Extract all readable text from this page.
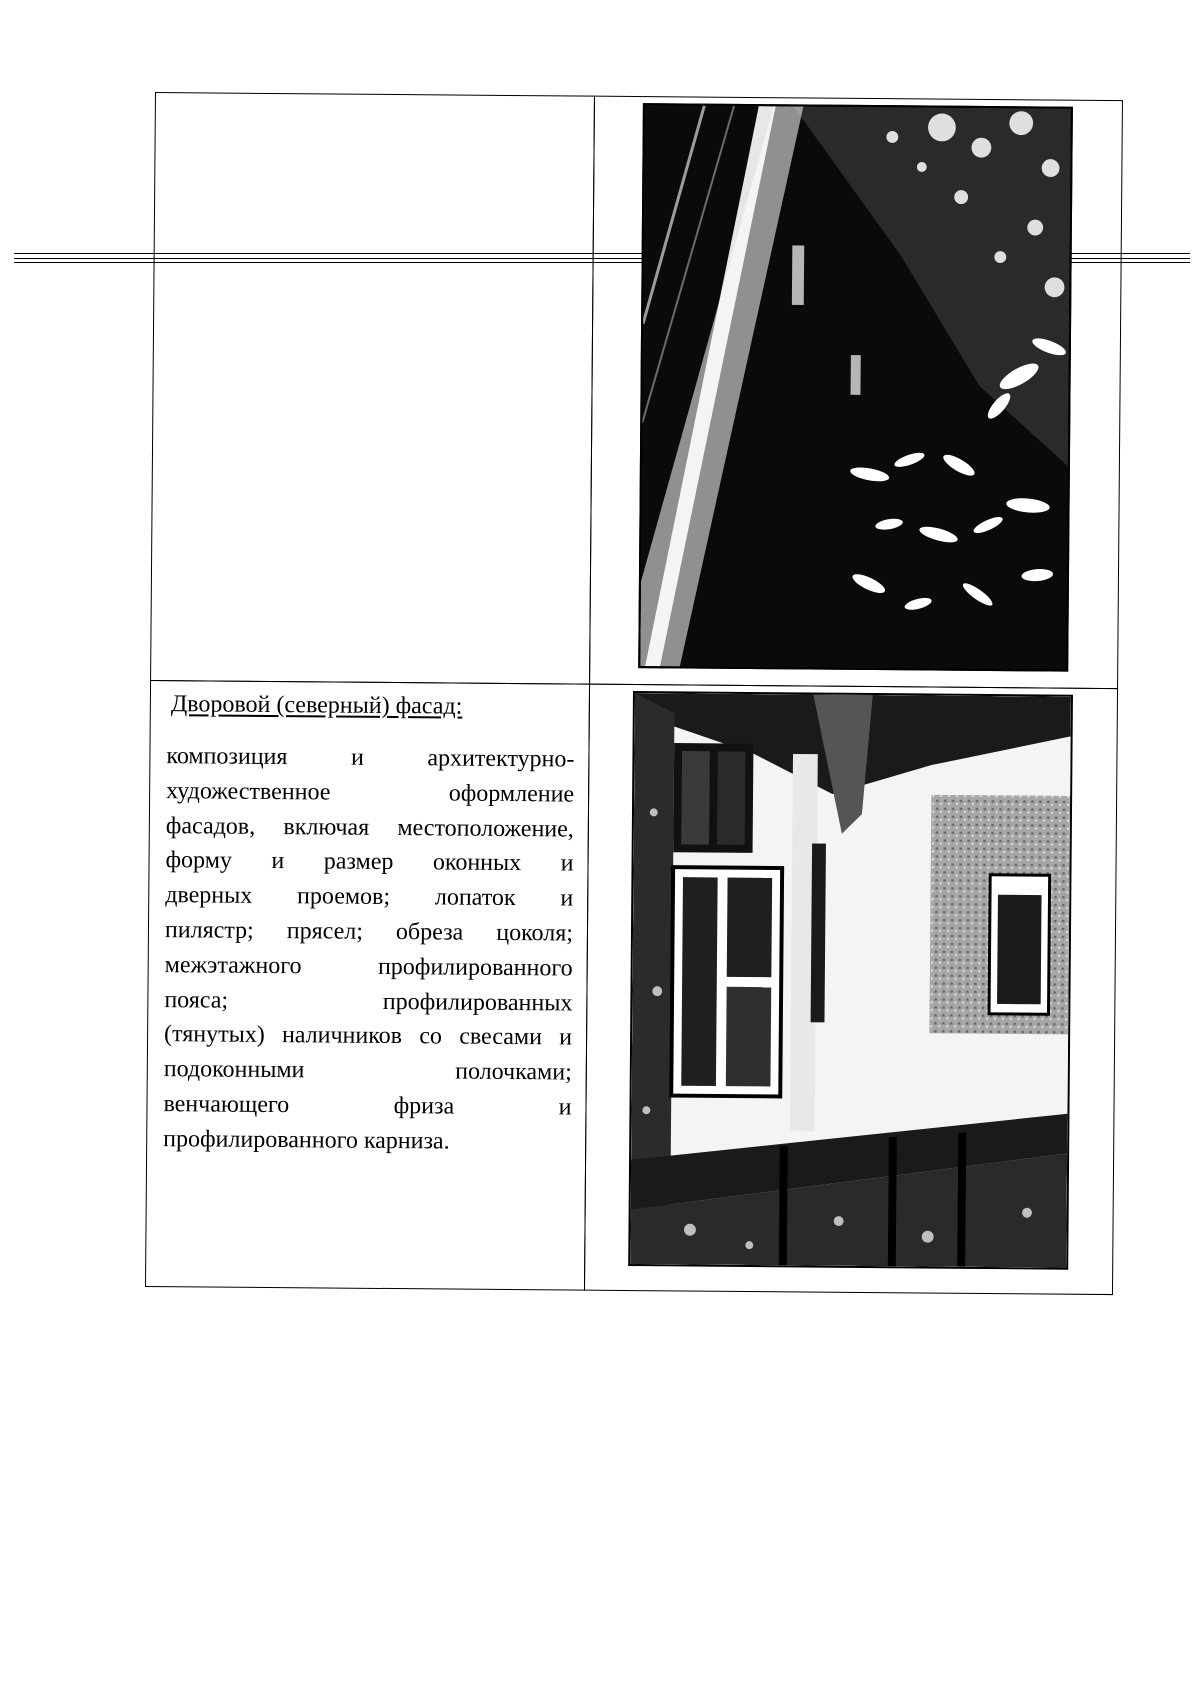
Дворовой (северный) фасад:
композиция и архитектурно-
художественное оформление
фасадов, включая местоположение,
форму и размер оконных и
дверных проемов; лопаток и
пилястр; прясел; обреза цоколя;
межэтажного профилированного
пояса; профилированных
(тянутых) наличников со свесами и
подоконными полочками;
венчающего фриза и
профилированного карниза.
